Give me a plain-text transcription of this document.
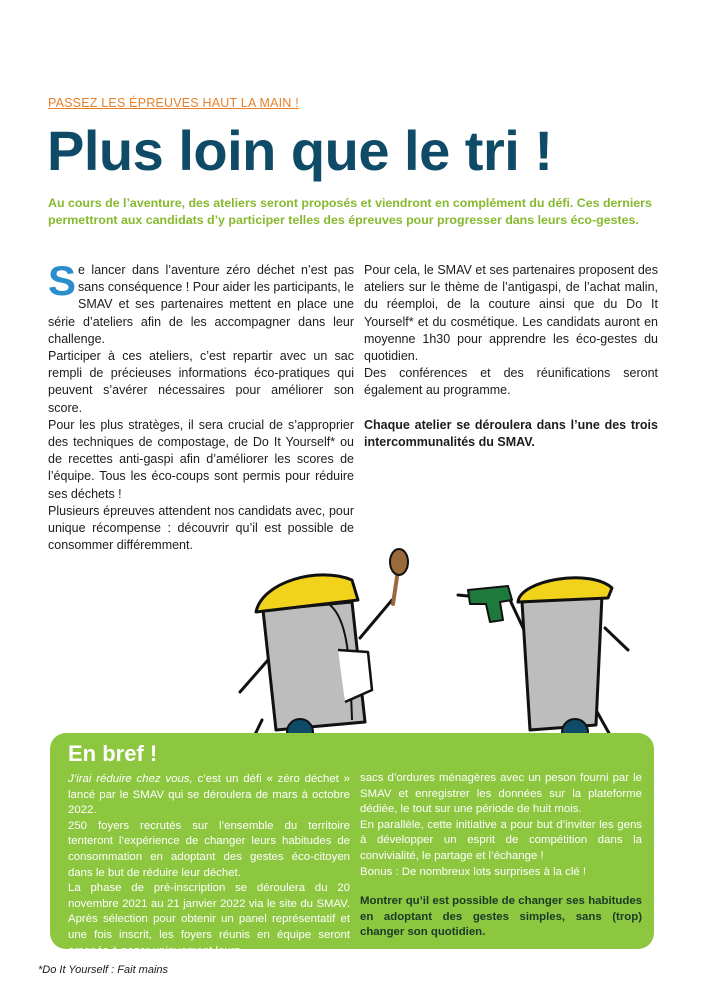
PASSEZ LES ÉPREUVES HAUT LA MAIN !
Plus loin que le tri !

Au cours de l’aventure, des ateliers seront proposés et viendront en complément du défi. Ces derniers permettront aux candidats d’y participer telles des épreuves pour progresser dans leurs éco-gestes.

Se lancer dans l’aventure zéro déchet n’est pas sans conséquence ! Pour aider les participants, le SMAV et ses partenaires mettent en place une série d’ateliers afin de les accompagner dans leur challenge.

Participer à ces ateliers, c’est repartir avec un sac rempli de précieuses informations éco-pratiques qui peuvent s’avérer nécessaires pour améliorer son score.

Pour les plus stratèges, il sera crucial de s’approprier des techniques de compostage, de Do It Yourself* ou de recettes anti-gaspi afin d’améliorer les scores de l’équipe. Tous les éco-coups sont permis pour réduire ses déchets !

Plusieurs épreuves attendent nos candidats avec, pour unique récompense : découvrir qu’il est possible de consommer différemment.

Pour cela, le SMAV et ses partenaires proposent des ateliers sur le thème de l’antigaspi, de l’achat malin, du réemploi, de la couture ainsi que du Do It Yourself* et du cosmétique. Les candidats auront en moyenne 1h30 pour apprendre les éco-gestes du quotidien.

Des conférences et des réunifications seront également au programme.

Chaque atelier se déroulera dans l’une des trois intercommunalités du SMAV.

En bref !

J’irai réduire chez vous, c’est un défi « zéro déchet » lancé par le SMAV qui se déroulera de mars à octobre 2022.

250 foyers recrutés sur l’ensemble du territoire tenteront l’expérience de changer leurs habitudes de consommation en adoptant des gestes éco-citoyen dans le but de réduire leur déchet.

La phase de pré-inscription se déroulera du 20 novembre 2021 au 21 janvier 2022 via le site du SMAV. Après sélection pour obtenir un panel représentatif et une fois inscrit, les foyers réunis en équipe seront amenés à peser uniquement leurs

sacs d’ordures ménagères avec un peson fourni par le SMAV et enregistrer les données sur la plateforme dédiée, le tout sur une période de huit mois.

En parallèle, cette initiative a pour but d’inviter les gens à développer un esprit de compétition dans la convivialité, le partage et l’échange !

Bonus : De nombreux lots surprises à la clé !

Montrer qu’il est possible de changer ses habitudes en adoptant des gestes simples, sans (trop) changer son quotidien.

*Do It Yourself : Fait mains
